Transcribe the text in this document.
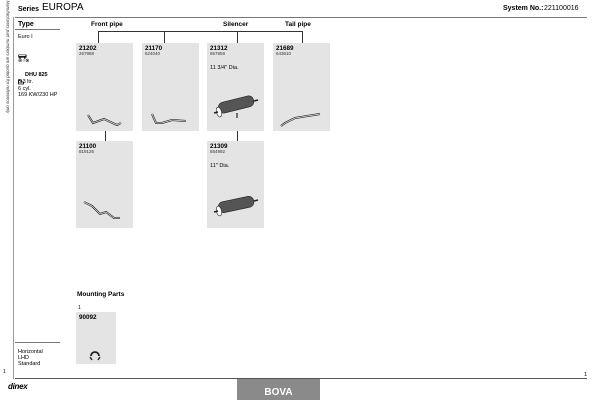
Series EUROPA	System No.: 221100016
Manufacturers part numbers are quoted for reference only
1
Type
Euro I
⊕○⊗
DHU 825
8.3 ltr.
6 cyl.
169 KW/230 HP
Front pipe	Silencer	Tail pipe
21202
267988
21170
624040
21312
657859
11 3/4" Dia.
21689
643610
21100
819126
21309
654992
11" Dia.
Mounting Parts
1
90092
Horizontal
LHD
Standard
1
dinex
BOVA
